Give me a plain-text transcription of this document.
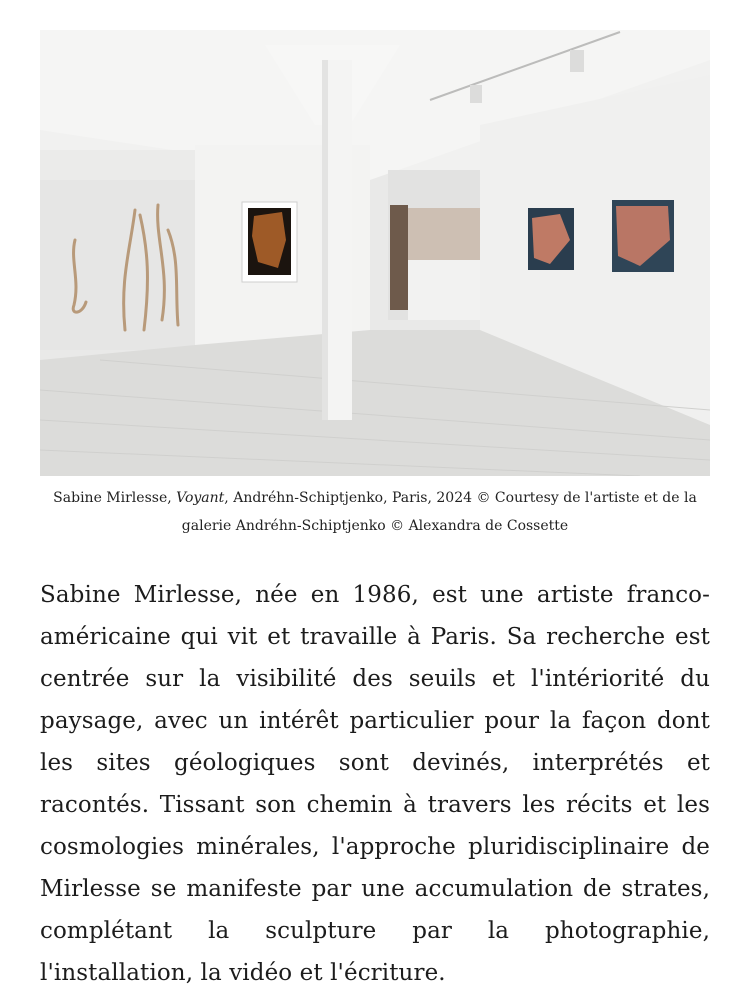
Sabine Mirlesse, Voyant, Andréhn-Schiptjenko, Paris, 2024 © Courtesy de l'artiste et de la galerie Andréhn-Schiptjenko © Alexandra de Cossette

Sabine Mirlesse, née en 1986, est une artiste franco-américaine qui vit et travaille à Paris. Sa recherche est centrée sur la visibilité des seuils et l'intériorité du paysage, avec un intérêt particulier pour la façon dont les sites géologiques sont devinés, interprétés et racontés. Tissant son chemin à travers les récits et les cosmologies minérales, l'approche pluridisciplinaire de Mirlesse se manifeste par une accumulation de strates, complétant la sculpture par la photographie, l'installation, la vidéo et l'écriture.
